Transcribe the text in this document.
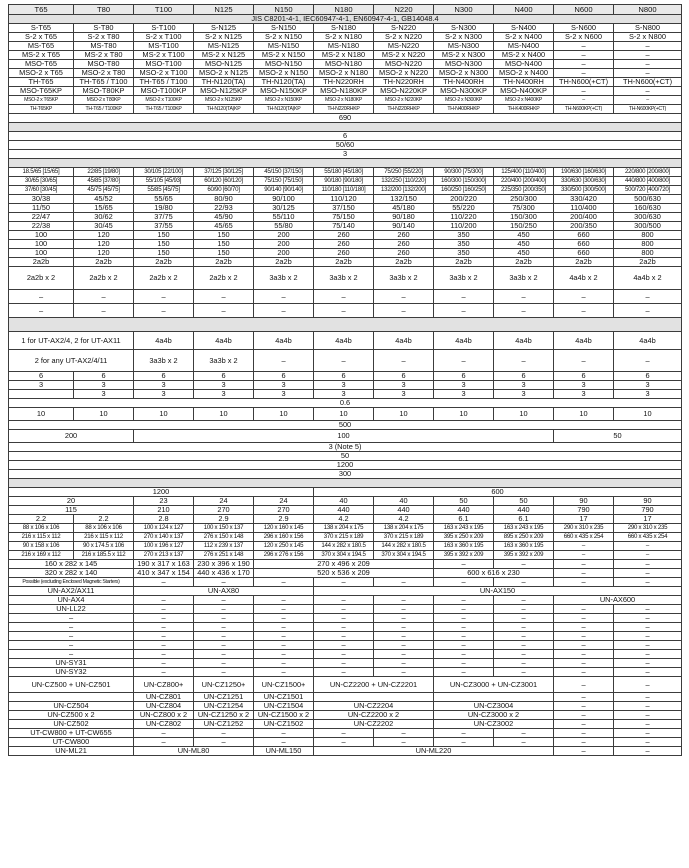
T65	T80	T100	N125	N150	N180	N220	N300	N400	N600	N800
JIS C8201-4-1, IEC60947-4-1, EN60947-4-1, GB14048.4										
S-T65	S-T80	S-T100	S-N125	S-N150	S-N180	S-N220	S-N300	S-N400	S-N600	S-N800
S-2 x T65	S-2 x T80	S-2 x T100	S-2 x N125	S-2 x N150	S-2 x N180	S-2 x N220	S-2 x N300	S-2 x N400	S-2 x N600	S-2 x N800
MS-T65	MS-T80	MS-T100	MS-N125	MS-N150	MS-N180	MS-N220	MS-N300	MS-N400	–	–
MS-2 x T65	MS-2 x T80	MS-2 x T100	MS-2 x N125	MS-2 x N150	MS-2 x N180	MS-2 x N220	MS-2 x N300	MS-2 x N400	–	–
MSO-T65	MSO-T80	MSO-T100	MSO-N125	MSO-N150	MSO-N180	MSO-N220	MSO-N300	MSO-N400	–	–
MSO-2 x T65	MSO-2 x T80	MSO-2 x T100	MSO-2 x N125	MSO-2 x N150	MSO-2 x N180	MSO-2 x N220	MSO-2 x N300	MSO-2 x N400	–	–
TH-T65	TH-T65 / T100	TH-T65 / T100	TH-N120(TA)	TH-N120(TA)	TH-N220RH	TH-N220RH	TH-N400RH	TH-N400RH	TH-N600(+CT)	TH-N600(+CT)
MSO-T65KP	MSO-T80KP	MSO-T100KP	MSO-N125KP	MSO-N150KP	MSO-N180KP	MSO-N220KP	MSO-N300KP	MSO-N400KP	–	–
MSO-2 x T65KP	MSO-2 x T80KP	MSO-2 x T100KP	MSO-2 x N125KP	MSO-2 x N150KP	MSO-2 x N180KP	MSO-2 x N220KP	MSO-2 x N300KP	MSO-2 x N400KP	–	–
TH-T65KP	TH-T65 / T100KP	TH-T65 / T100KP	TH-N120(TA)KP	TH-N120(TA)KP	TH-N220RHKP	TH-N220RHKP	TH-N400RHKP	TH-K400RHKP	TH-N600KP(+CT)	TH-N600KP(+CT)
690										

6										
50/60										
3										

18.5/65 [15/65]	22/85 [19/80]	30/105 [22/100]	37/125 [30/125]	45/150 [37/150]	55/180 [45/180]	75/250 [55/220]	90/300 [75/300]	125/400 [110/400]	190/630 [160/630]	220/800 [200/800]
30/65 [30/65]	45/85 [37/80]	55/105 [45/93]	60/120 [60/120]	75/150 [75/150]	90/180 [90/180]	132/250 [110/220]	160/300 [150/300]	220/400 [200/400]	330/630 [300/630]	440/800 [400/800]
37/60 [30/45]	45/75 [45/75]	55/85 [45/75]	60/90 [60/70]	90/140 [90/140]	110/180 [110/180]	132/200 [132/200]	160/250 [160/250]	225/350 [200/350]	330/500 [300/500]	500/720 [400/720]
30/38	45/52	55/65	80/90	90/100	110/120	132/150	200/220	250/300	330/420	500/630
11/50	15/65	19/80	22/93	30/125	37/150	45/180	55/220	75/300	110/400	160/630
22/47	30/62	37/75	45/90	55/110	75/150	90/180	110/220	150/300	200/400	300/630
22/38	30/45	37/55	45/65	55/80	75/140	90/140	110/200	150/250	200/350	300/500
100	120	150	150	200	260	260	350	450	660	800
100	120	150	150	200	260	260	350	450	660	800
100	120	150	150	200	260	260	350	450	660	800
2a2b	2a2b	2a2b	2a2b	2a2b	2a2b	2a2b	2a2b	2a2b	2a2b	2a2b
2a2b x 2	2a2b x 2	2a2b x 2	2a2b x 2	3a3b x 2	3a3b x 2	3a3b x 2	3a3b x 2	3a3b x 2	4a4b x 2	4a4b x 2
–	–	–	–	–	–	–	–	–	–	–
–	–	–	–	–	–	–	–	–	–	–

1 for UT-AX2/4, 2 for UT-AX11		4a4b	4a4b	4a4b	4a4b	4a4b	4a4b	4a4b	4a4b	4a4b
2 for any UT-AX2/4/11		3a3b x 2	3a3b x 2	–	–	–	–	–	–	–
6	6	6	6	6	6	6	6	6	6	6
3	3	3	3	3	3	3	3	3	3	3
	3	3	3	3	3	3	3	3	3	3
0.6										
10	10	10	10	10	10	10	10	10	10	10
500										
200		100							50	
3 (Note 5)										
50										
1200										
300										

1200					600					
20		23	24	24	40	40	50	50	90	90
115		210	270	270	440	440	440	440	790	790
2.2	2.2	2.8	2.9	2.9	4.2	4.2	6.1	6.1	17	17
88 x 106 x 106	88 x 106 x 106	100 x 124 x 127	100 x 150 x 137	120 x 160 x 145	138 x 204 x 175	138 x 204 x 175	163 x 243 x 195	163 x 243 x 195	290 x 310 x 235	290 x 310 x 235
216 x 115 x 112	216 x 115 x 112	270 x 140 x 137	276 x 150 x 148	296 x 160 x 156	370 x 215 x 189	370 x 215 x 189	395 x 250 x 209	895 x 250 x 209	660 x 435 x 254	660 x 435 x 254
90 x 158 x 106	90 x 174.5 x 106	100 x 196 x 127	112 x 239 x 137	120 x 250 x 145	144 x 282 x 180.5	144 x 282 x 180.5	163 x 360 x 195	163 x 360 x 195	–	–
216 x 169 x 112	216 x 185.5 x 112	270 x 213 x 137	276 x 251 x 148	296 x 276 x 156	370 x 304 x 194.5	370 x 304 x 194.5	395 x 392 x 209	395 x 392 x 209	–	–
160 x 282 x 145		190 x 317 x 163	230 x 396 x 190	270 x 496 x 209			–	–	–	–
320 x 282 x 140		410 x 347 x 154	440 x 436 x 170	520 x 536 x 209			600 x 616 x 230		–	–
Possible (excluding Enclosed Magnetic Starters)		–	–	–	–	–	–	–	–	–
UN-AX2/AX11		UN-AX80			UN-AX150					
UN-AX4		–	–	–	–	–	–	–	UN-AX600	
UN-LL22		–	–	–	–	–	–	–	–	–
–		–	–	–	–	–	–	–	–	–
–		–	–	–	–	–	–	–	–	–
–		–	–	–	–	–	–	–	–	–
–		–	–	–	–	–	–	–	–	–
–		–	–	–	–	–	–	–	–	–
UN-SY31		–	–	–	–	–	–	–	–	–
UN-SY32		–	–	–	–	–	–	–	–	–
UN-CZ500 + UN-CZ501		UN-CZ800+	UN-CZ1250+	UN-CZ1500+	UN-CZ2200 + UN-CZ2201		UN-CZ3000 + UN-CZ3001		–	–
		UN-CZ801	UN-CZ1251	UN-CZ1501					–	–
UN-CZ504		UN-CZ804	UN-CZ1254	UN-CZ1504	UN-CZ2204		UN-CZ3004		–	–
UN-CZ500 x 2		UN-CZ800 x 2	UN-CZ1250 x 2	UN-CZ1500 x 2	UN-CZ2200 x 2		UN-CZ3000 x 2		–	–
UN-CZ502		UN-CZ802	UN-CZ1252	UN-CZ1502	UN-CZ2202		UN-CZ3002		–	–
UT-CW800 + UT-CW655		–	–	–	–	–	–	–	–	–
UT-CW800		–	–	–	–	–	–	–	–	–
UN-ML21		UN-ML80		UN-ML150	UN-ML220				–	–
